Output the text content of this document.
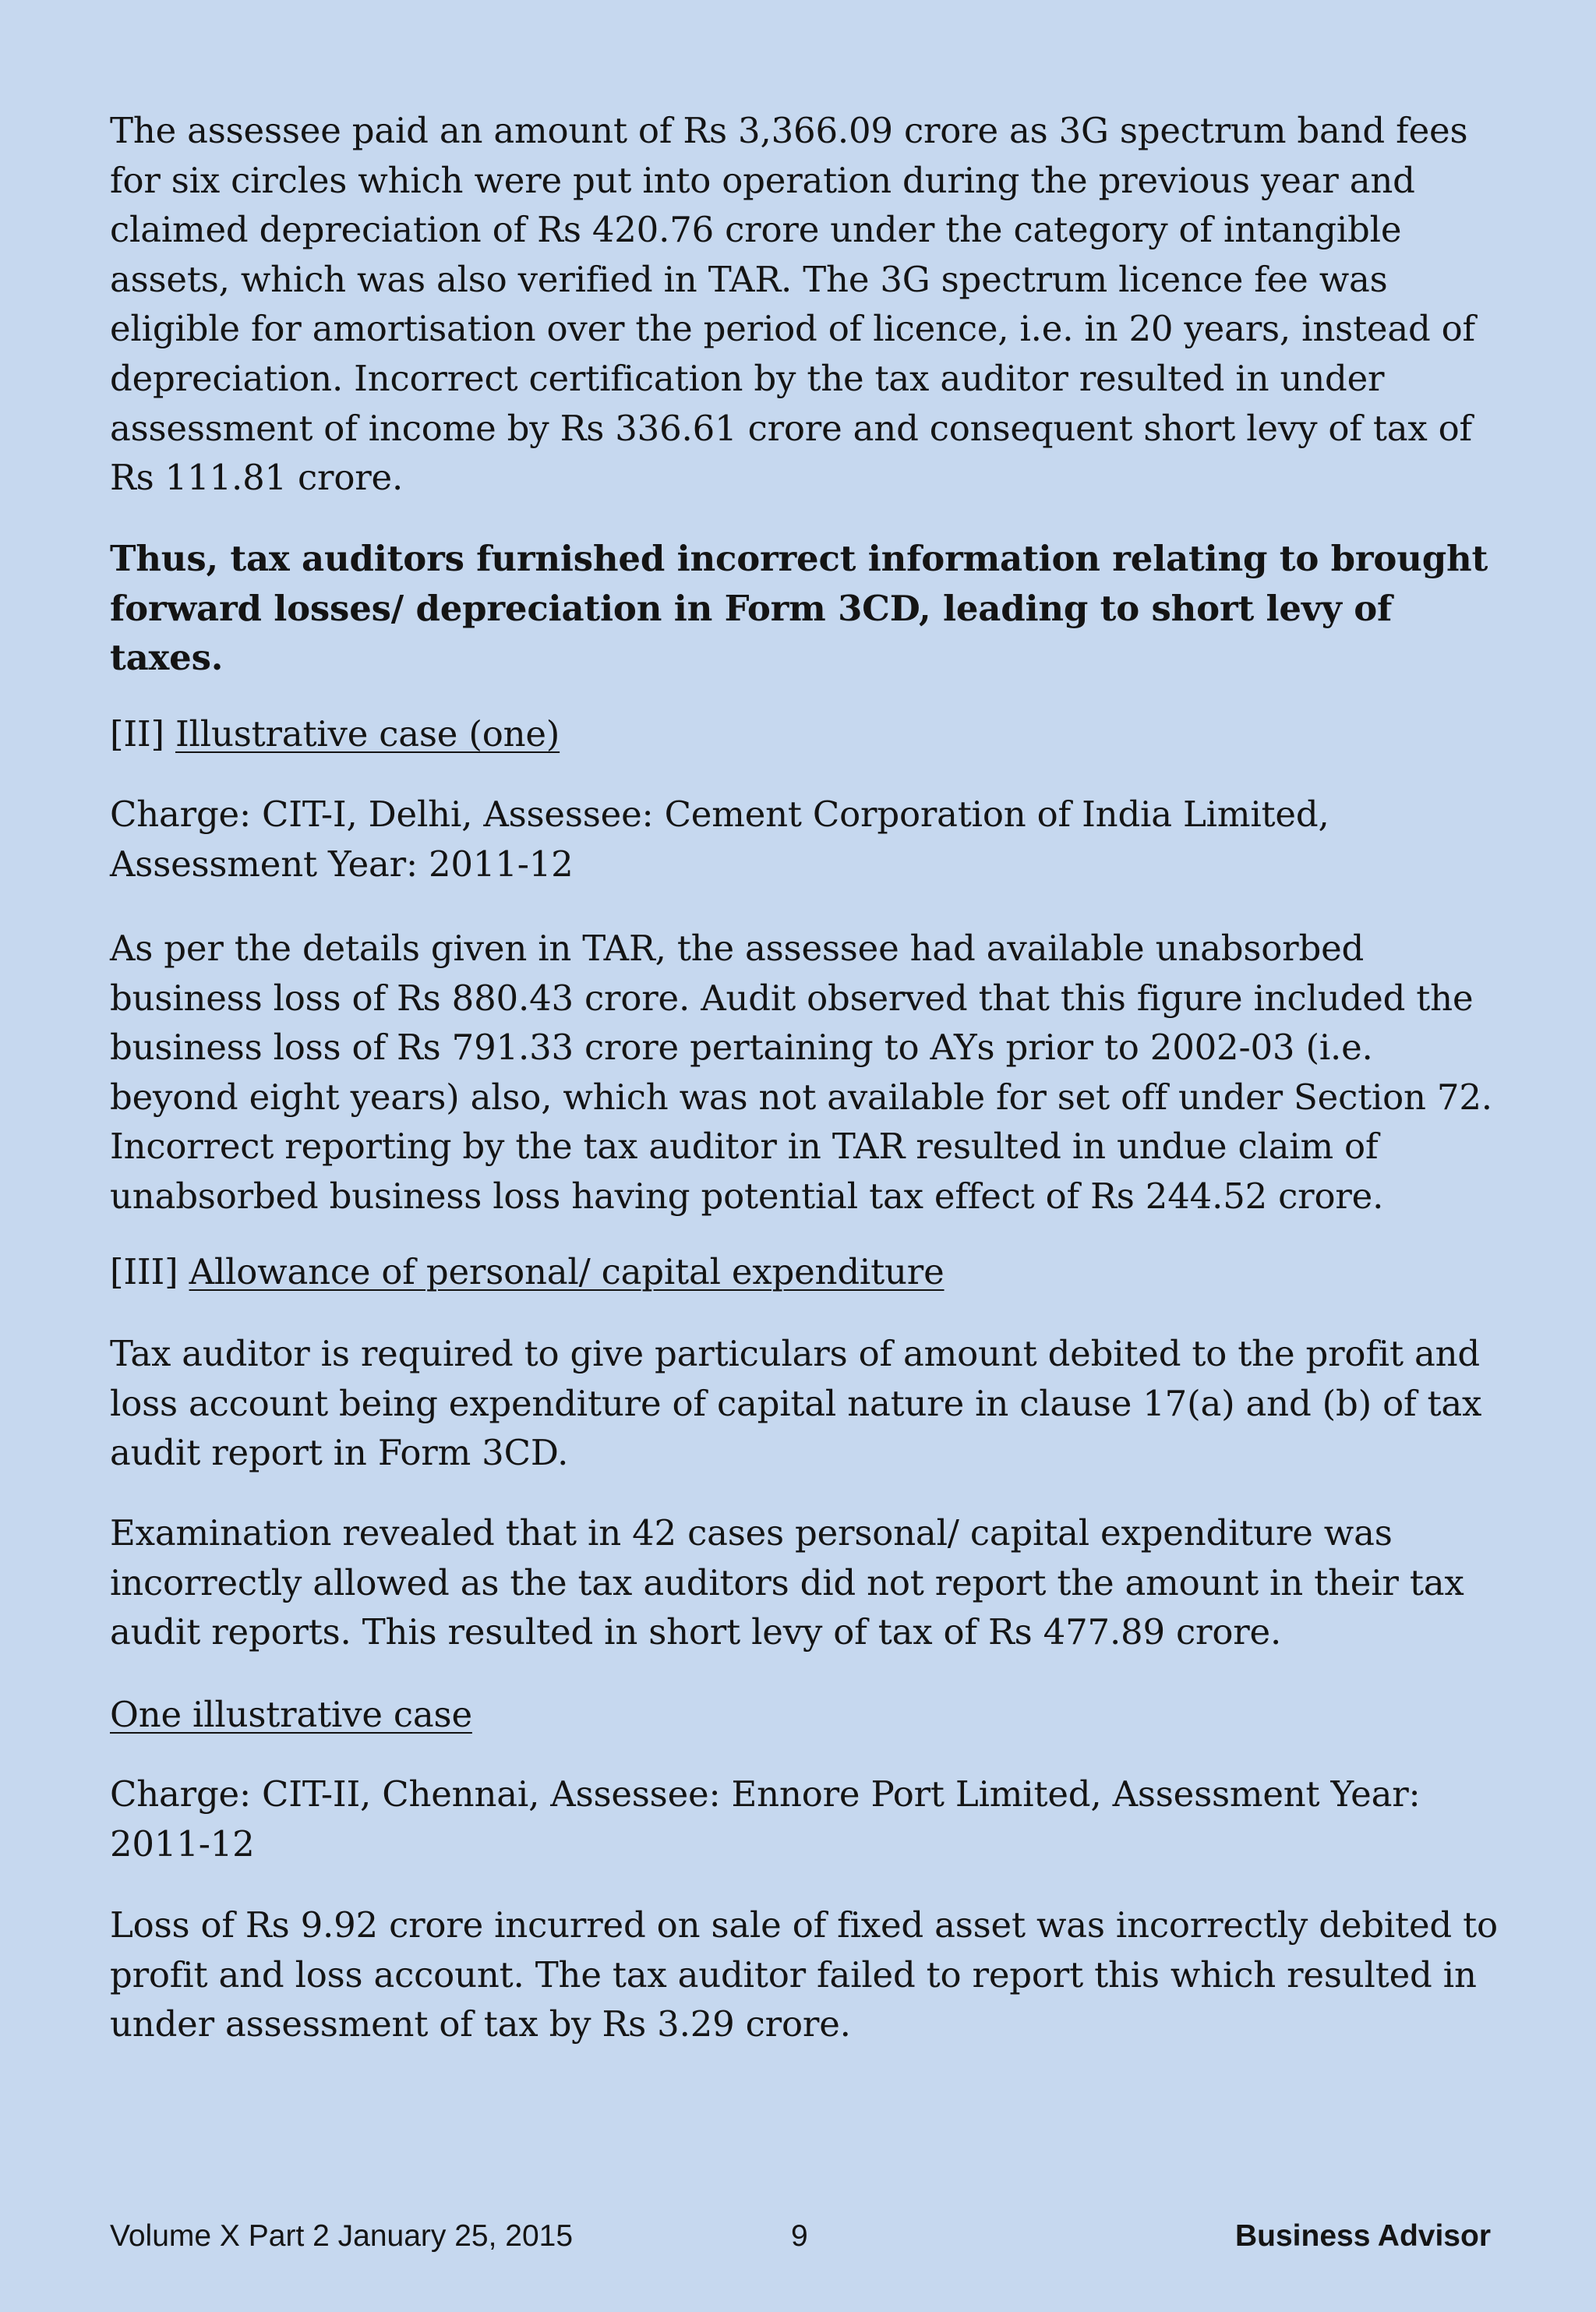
The assessee paid an amount of Rs 3,366.09 crore as 3G spectrum band fees for six circles which were put into operation during the previous year and claimed depreciation of Rs 420.76 crore under the category of intangible assets, which was also verified in TAR. The 3G spectrum licence fee was eligible for amortisation over the period of licence, i.e. in 20 years, instead of depreciation. Incorrect certification by the tax auditor resulted in under assessment of income by Rs 336.61 crore and consequent short levy of tax of Rs 111.81 crore.

Thus, tax auditors furnished incorrect information relating to brought forward losses/ depreciation in Form 3CD, leading to short levy of taxes.

[II] Illustrative case (one)

Charge: CIT-I, Delhi, Assessee: Cement Corporation of India Limited, Assessment Year: 2011-12

As per the details given in TAR, the assessee had available unabsorbed business loss of Rs 880.43 crore. Audit observed that this figure included the business loss of Rs 791.33 crore pertaining to AYs prior to 2002-03 (i.e. beyond eight years) also, which was not available for set off under Section 72. Incorrect reporting by the tax auditor in TAR resulted in undue claim of unabsorbed business loss having potential tax effect of Rs 244.52 crore.

[III] Allowance of personal/ capital expenditure

Tax auditor is required to give particulars of amount debited to the profit and loss account being expenditure of capital nature in clause 17(a) and (b) of tax audit report in Form 3CD.

Examination revealed that in 42 cases personal/ capital expenditure was incorrectly allowed as the tax auditors did not report the amount in their tax audit reports. This resulted in short levy of tax of Rs 477.89 crore.

One illustrative case

Charge: CIT-II, Chennai, Assessee: Ennore Port Limited, Assessment Year: 2011-12

Loss of Rs 9.92 crore incurred on sale of fixed asset was incorrectly debited to profit and loss account. The tax auditor failed to report this which resulted in under assessment of tax by Rs 3.29 crore.

Volume X Part 2 January 25, 2015	9	Business Advisor
